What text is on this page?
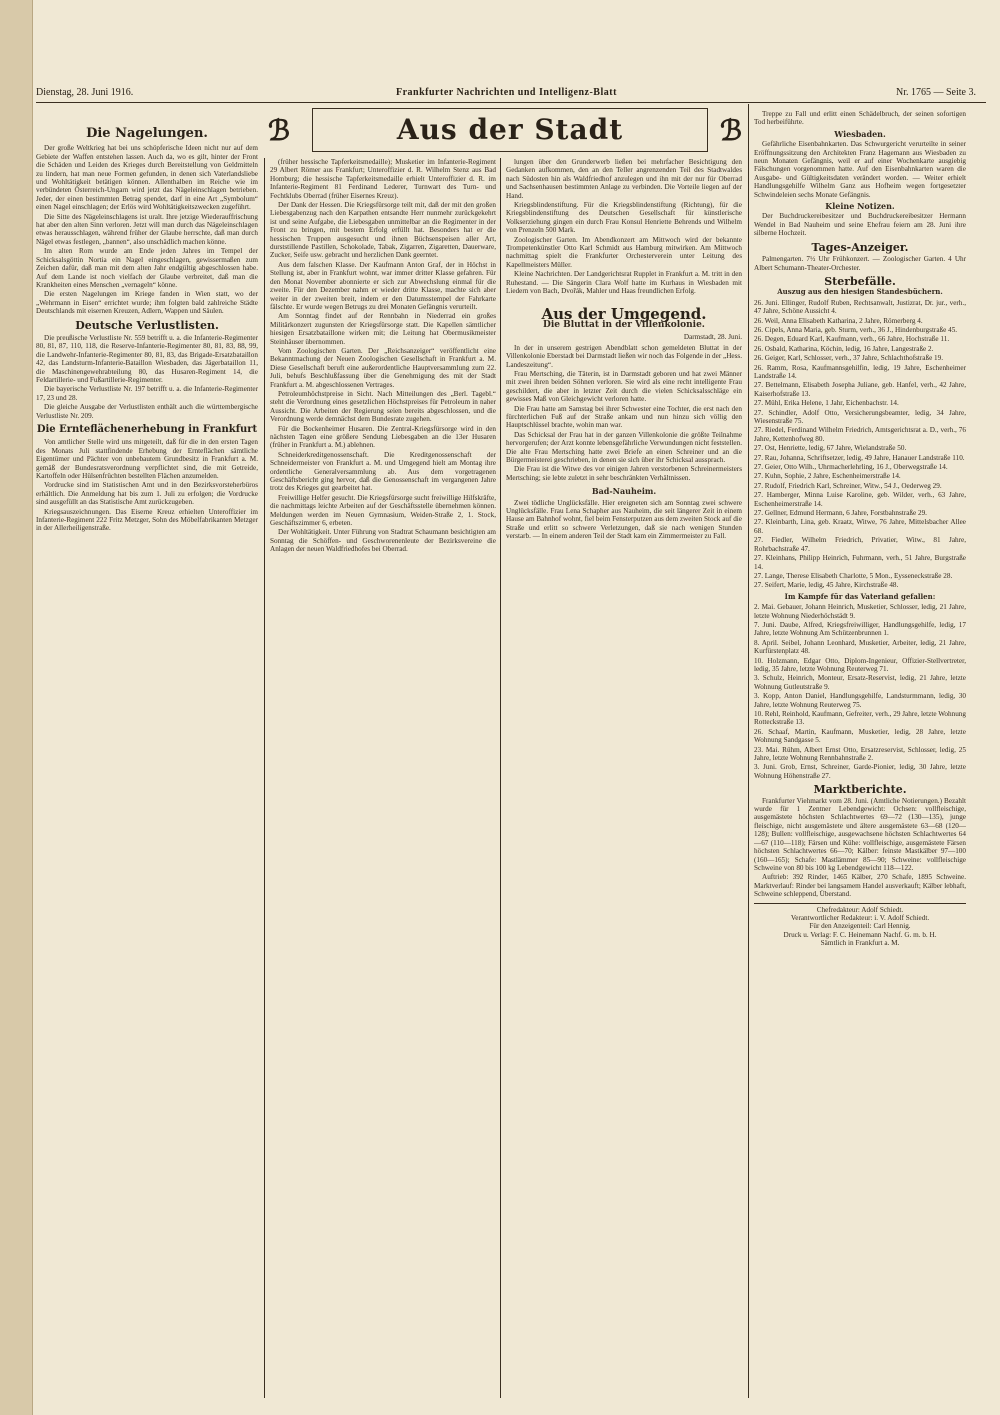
Dienstag, 28. Juni 1916.	Frankfurter Nachrichten und Intelligenz-Blatt	Nr. 1765 — Seite 3.
ℬ	Aus der Stadt	ℬ
Die Nagelungen.

Der große Weltkrieg hat bei uns schöpferische Ideen nicht nur auf dem Gebiete der Waffen entstehen lassen. Auch da, wo es gilt, hinter der Front die Schäden und Leiden des Krieges durch Bereitstellung von Geldmitteln zu lindern, hat man neue Formen gefunden, in denen sich Vaterlandsliebe und Wohltätigkeit betätigen können. Allenthalben im Reiche wie im verbündeten Österreich-Ungarn wird jetzt das Nägeleinschlagen betrieben. Jeder, der einen bestimmten Betrag spendet, darf in eine Art „Symbolum“ einen Nagel einschlagen; der Erlös wird Wohltätigkeitszwecken zugeführt.

Die Sitte des Nägeleinschlagens ist uralt. Ihre jetzige Wiederauffrischung hat aber den alten Sinn verloren. Jetzt will man durch das Nägeleinschlagen etwas herausschlagen, während früher der Glaube herrschte, daß man durch Nägel etwas festlegen, „bannen“, also unschädlich machen könne.

Im alten Rom wurde am Ende jeden Jahres im Tempel der Schicksalsgöttin Nortia ein Nagel eingeschlagen, gewissermaßen zum Zeichen dafür, daß man mit dem alten Jahr endgültig abgeschlossen habe. Auf dem Lande ist noch vielfach der Glaube verbreitet, daß man die Krankheiten eines Menschen „vernageln“ könne.

Die ersten Nagelungen im Kriege fanden in Wien statt, wo der „Wehrmann in Eisen“ errichtet wurde; ihm folgten bald zahlreiche Städte Deutschlands mit eisernen Kreuzen, Adlern, Wappen und Säulen.

Deutsche Verlustlisten.

Die preußische Verlustliste Nr. 559 betrifft u. a. die Infanterie-Regimenter 80, 81, 87, 110, 118, die Reserve-Infanterie-Regimenter 80, 81, 83, 88, 99, die Landwehr-Infanterie-Regimenter 80, 81, 83, das Brigade-Ersatzbataillon 42, das Landsturm-Infanterie-Bataillon Wiesbaden, das Jägerbataillon 11, die Maschinengewehrabteilung 80, das Husaren-Regiment 14, die Feldartillerie- und Fußartillerie-Regimenter.

Die bayerische Verlustliste Nr. 197 betrifft u. a. die Infanterie-Regimenter 17, 23 und 28.

Die gleiche Ausgabe der Verlustlisten enthält auch die württembergische Verlustliste Nr. 209.

Die Ernteflächenerhebung in Frankfurt

Von amtlicher Stelle wird uns mitgeteilt, daß für die in den ersten Tagen des Monats Juli stattfindende Erhebung der Ernteflächen sämtliche Eigentümer und Pächter von unbebautem Grundbesitz in Frankfurt a. M. gemäß der Bundesratsverordnung verpflichtet sind, die mit Getreide, Kartoffeln oder Hülsenfrüchten bestellten Flächen anzumelden.

Vordrucke sind im Statistischen Amt und in den Bezirksvorsteherbüros erhältlich. Die Anmeldung hat bis zum 1. Juli zu erfolgen; die Vordrucke sind ausgefüllt an das Statistische Amt zurückzugeben.

Kriegsauszeichnungen. Das Eiserne Kreuz erhielten Unteroffizier im Infanterie-Regiment 222 Fritz Metzger, Sohn des Möbelfabrikanten Metzger in der Allerheiligenstraße.

(früher hessische Tapferkeitsmedaille); Musketier im Infanterie-Regiment 29 Albert Römer aus Frankfurt; Unteroffizier d. R. Wilhelm Stenz aus Bad Homburg; die hessische Tapferkeitsmedaille erhielt Unteroffizier d. R. im Infanterie-Regiment 81 Ferdinand Lederer, Turnwart des Turn- und Fechtklubs Oberrad (früher Eisernes Kreuz).

Der Dank der Hessen. Die Kriegsfürsorge teilt mit, daß der mit den großen Liebesgabenzug nach den Karpathen entsandte Herr nunmehr zurückgekehrt ist und seine Aufgabe, die Liebesgaben unmittelbar an die Regimenter in der Front zu bringen, mit bestem Erfolg erfüllt hat. Besonders hat er die hessischen Truppen ausgesucht und ihnen Büchsenspeisen aller Art, durststillende Pastillen, Schokolade, Tabak, Zigarren, Zigaretten, Dauerware, Zucker, Seife usw. gebracht und herzlichen Dank geerntet.

Aus dem falschen Klasse. Der Kaufmann Anton Graf, der in Höchst in Stellung ist, aber in Frankfurt wohnt, war immer dritter Klasse gefahren. Für den Monat November abonnierte er sich zur Abwechslung einmal für die zweite. Für den Dezember nahm er wieder dritte Klasse, machte sich aber weiter in der zweiten breit, indem er den Datumsstempel der Fahrkarte fälschte. Er wurde wegen Betrugs zu drei Monaten Gefängnis verurteilt.

Am Sonntag findet auf der Rennbahn in Niederrad ein großes Militärkonzert zugunsten der Kriegsfürsorge statt. Die Kapellen sämtlicher hiesigen Ersatzbataillone wirken mit; die Leitung hat Obermusikmeister Steinhäuser übernommen.

Vom Zoologischen Garten. Der „Reichsanzeiger“ veröffentlicht eine Bekanntmachung der Neuen Zoologischen Gesellschaft in Frankfurt a. M. Diese Gesellschaft beruft eine außerordentliche Hauptversammlung zum 22. Juli, behufs Beschlußfassung über die Genehmigung des mit der Stadt Frankfurt a. M. abgeschlossenen Vertrages.

Petroleumhöchstpreise in Sicht. Nach Mitteilungen des „Berl. Tagebl.“ steht die Verordnung eines gesetzlichen Höchstpreises für Petroleum in naher Aussicht. Die Arbeiten der Regierung seien bereits abgeschlossen, und die Verordnung werde demnächst dem Bundesrate zugehen.

Für die Bockenheimer Husaren. Die Zentral-Kriegsfürsorge wird in den nächsten Tagen eine größere Sendung Liebesgaben an die 13er Husaren (früher in Frankfurt a. M.) ablehnen.

Schneiderkreditgenossenschaft. Die Kreditgenossenschaft der Schneidermeister von Frankfurt a. M. und Umgegend hielt am Montag ihre ordentliche Generalversammlung ab. Aus dem vorgetragenen Geschäftsbericht ging hervor, daß die Genossenschaft im vergangenen Jahre trotz des Krieges gut gearbeitet hat.

Freiwillige Helfer gesucht. Die Kriegsfürsorge sucht freiwillige Hilfskräfte, die nachmittags leichte Arbeiten auf der Geschäftsstelle übernehmen können. Meldungen werden im Neuen Gymnasium, Weiden-Straße 2, 1. Stock, Geschäftszimmer 6, erbeten.

Der Wohltätigkeit. Unter Führung von Stadtrat Schaumann besichtigten am Sonntag die Schöffen- und Geschworenenleute der Bezirksvereine die Anlagen der neuen Waldfriedhofes bei Oberrad.

lungen über den Grunderwerb ließen bei mehrfacher Besichtigung den Gedanken aufkommen, den an den Teller angrenzenden Teil des Stadtwaldes nach Südosten hin als Waldfriedhof anzulegen und ihn mit der nur für Oberrad und Sachsenhausen bestimmten Anlage zu verbinden. Die Vorteile liegen auf der Hand.

Kriegsblindenstiftung. Für die Kriegsblindenstiftung (Richtung), für die Kriegsblindenstiftung des Deutschen Gesellschaft für künstlerische Volkserziehung gingen ein durch Frau Konsul Henriette Behrends und Wilhelm von Prenzeln 500 Mark.

Zoologischer Garten. Im Abendkonzert am Mittwoch wird der bekannte Trompetenkünstler Otto Karl Schmidt aus Hamburg mitwirken. Am Mittwoch nachmittag spielt die Frankfurter Orchesterverein unter Leitung des Kapellmeisters Müller.

Kleine Nachrichten. Der Landgerichtsrat Rupplet in Frankfurt a. M. tritt in den Ruhestand. — Die Sängerin Clara Wolf hatte im Kurhaus in Wiesbaden mit Liedern von Bach, Dvořák, Mahler und Haas freundlichen Erfolg.

Aus der Umgegend.
Die Bluttat in der Villenkolonie.
Darmstadt, 28. Juni.

In der in unserem gestrigen Abendblatt schon gemeldeten Bluttat in der Villenkolonie Eberstadt bei Darmstadt ließen wir noch das Folgende in der „Hess. Landeszeitung“.

Frau Mertsching, die Täterin, ist in Darmstadt geboren und hat zwei Männer mit zwei ihren beiden Söhnen verloren. Sie wird als eine recht intelligente Frau geschildert, die aber in letzter Zeit durch die vielen Schicksalsschläge ein gewisses Maß von Gleichgewicht verloren hatte.

Die Frau hatte am Samstag bei ihrer Schwester eine Tochter, die erst nach den fürchterlichen Fuß auf der Straße ankam und nun hinzu sich völlig den Hauptschlüssel brachte, wohin man war.

Das Schicksal der Frau hat in der ganzen Villenkolonie die größte Teilnahme hervorgerufen; der Arzt konnte lebensgefährliche Verwundungen nicht feststellen. Die alte Frau Mertsching hatte zwei Briefe an einen Schreiner und an die Bürgermeisterei geschrieben, in denen sie sich über ihr Schicksal aussprach.

Die Frau ist die Witwe des vor einigen Jahren verstorbenen Schreinermeisters Mertsching; sie lebte zuletzt in sehr beschränkten Verhältnissen.

Bad-Nauheim.

Zwei tödliche Unglücksfälle. Hier ereigneten sich am Sonntag zwei schwere Unglücksfälle. Frau Lena Schapher aus Nauheim, die seit längerer Zeit in einem Hause am Bahnhof wohnt, fiel beim Fensterputzen aus dem zweiten Stock auf die Straße und erlitt so schwere Verletzungen, daß sie nach wenigen Stunden verstarb. — In einem anderen Teil der Stadt kam ein Zimmermeister zu Fall.

Treppe zu Fall und erlitt einen Schädelbruch, der seinen sofortigen Tod herbeiführte.

Wiesbaden.

Gefährliche Eisenbahnkarten. Das Schwurgericht verurteilte in seiner Eröffnungssitzung den Architekten Franz Hagemann aus Wiesbaden zu neun Monaten Gefängnis, weil er auf einer Wochenkarte ausgiebig Fälschungen vorgenommen hatte. Auf den Eisenbahnkarten waren die Ausgabe- und Gültigkeitsdaten verändert worden. — Weiter erhielt Handlungsgehilfe Wilhelm Ganz aus Hofheim wegen fortgesetzter Schwindeleien sechs Monate Gefängnis.

Kleine Notizen.

Der Buchdruckereibesitzer und Buchdruckereibesitzer Hermann Wendel in Bad Nauheim und seine Ehefrau feiern am 28. Juni ihre silberne Hochzeit.

Tages-Anzeiger.

Palmengarten. 7½ Uhr Frühkonzert. — Zoologischer Garten. 4 Uhr Albert Schumann-Theater-Orchester.

Sterbefälle.
Auszug aus den hiesigen Standesbüchern.

26. Juni. Ellinger, Rudolf Ruben, Rechtsanwalt, Justizrat, Dr. jur., verh., 47 Jahre, Schöne Aussicht 4.

26. Weil, Anna Elisabeth Katharina, 2 Jahre, Römerberg 4.

26. Cipels, Anna Maria, geb. Sturm, verh., 36 J., Hindenburgstraße 45.

26. Degen, Eduard Karl, Kaufmann, verh., 66 Jahre, Hochstraße 11.

26. Osbald, Katharina, Köchin, ledig, 16 Jahre, Langestraße 2.

26. Geiger, Karl, Schlosser, verh., 37 Jahre, Schlachthofstraße 19.

26. Ramm, Rosa, Kaufmannsgehilfin, ledig, 19 Jahre, Eschenheimer Landstraße 14.

27. Bettelmann, Elisabeth Josepha Juliane, geb. Hanfel, verh., 42 Jahre, Kaiserhofstraße 13.

27. Mühl, Erika Helene, 1 Jahr, Eichenbachstr. 14.

27. Schindler, Adolf Otto, Versicherungsbeamter, ledig, 34 Jahre, Wiesenstraße 75.

27. Riedel, Ferdinand Wilhelm Friedrich, Amtsgerichtsrat a. D., verh., 76 Jahre, Kettenhofweg 80.

27. Ost, Henriette, ledig, 67 Jahre, Wielandstraße 50.

27. Rau, Johanna, Schriftsetzer, ledig, 49 Jahre, Hanauer Landstraße 110.

27. Geier, Otto Wilh., Uhrmacherlehrling, 16 J., Oberwegstraße 14.

27. Kuhn, Sophie, 2 Jahre, Eschenheimerstraße 14.

27. Rudolf, Friedrich Karl, Schreiner, Witw., 54 J., Oederweg 29.

27. Hamberger, Minna Luise Karoline, geb. Wilder, verh., 63 Jahre, Eschenheimerstraße 14.

27. Gellner, Edmund Hermann, 6 Jahre, Forstbahnstraße 29.

27. Kleinbarth, Lina, geb. Kraatz, Witwe, 76 Jahre, Mittelsbacher Allee 68.

27. Fiedler, Wilhelm Friedrich, Privatier, Witw., 81 Jahre, Rohrbachstraße 47.

27. Kleinhans, Philipp Heinrich, Fuhrmann, verh., 51 Jahre, Burgstraße 14.

27. Lange, Therese Elisabeth Charlotte, 5 Mon., Eysseneckstraße 28.

27. Seifert, Marie, ledig, 45 Jahre, Kirchstraße 48.

Im Kampfe für das Vaterland gefallen:

2. Mai. Gebauer, Johann Heinrich, Musketier, Schlosser, ledig, 21 Jahre, letzte Wohnung Niederhöchstädt 9.

7. Juni. Daube, Alfred, Kriegsfreiwilliger, Handlungsgehilfe, ledig, 17 Jahre, letzte Wohnung Am Schützenbrunnen 1.

8. April. Seibel, Johann Leonhard, Musketier, Arbeiter, ledig, 21 Jahre, Kurfürstenplatz 48.

10. Holzmann, Edgar Otto, Diplom-Ingenieur, Offizier-Stellvertreter, ledig, 35 Jahre, letzte Wohnung Reuterweg 71.

3. Schulz, Heinrich, Monteur, Ersatz-Reservist, ledig, 21 Jahre, letzte Wohnung Gutleutstraße 9.

3. Kopp, Anton Daniel, Handlungsgehilfe, Landsturmmann, ledig, 30 Jahre, letzte Wohnung Reuterweg 75.

10. Rehl, Reinhold, Kaufmann, Gefreiter, verh., 29 Jahre, letzte Wohnung Rotteckstraße 13.

26. Schaaf, Martin, Kaufmann, Musketier, ledig, 28 Jahre, letzte Wohnung Sandgasse 5.

23. Mai. Rühm, Albert Ernst Otto, Ersatzreservist, Schlosser, ledig, 25 Jahre, letzte Wohnung Rennbahnstraße 2.

3. Juni. Grob, Ernst, Schreiner, Garde-Pionier, ledig, 30 Jahre, letzte Wohnung Höhenstraße 27.

Marktberichte.

Frankfurter Viehmarkt vom 28. Juni. (Amtliche Notierungen.) Bezahlt wurde für 1 Zentner Lebendgewicht: Ochsen: vollfleischige, ausgemästete höchsten Schlachtwertes 69—72 (130—135), junge fleischige, nicht ausgemästete und ältere ausgemästete 63—68 (120—128); Bullen: vollfleischige, ausgewachsene höchsten Schlachtwertes 64—67 (110—118); Färsen und Kühe: vollfleischige, ausgemästete Färsen höchsten Schlachtwertes 66—70; Kälber: feinste Mastkälber 97—100 (160—165); Schafe: Mastlämmer 85—90; Schweine: vollfleischige Schweine von 80 bis 100 kg Lebendgewicht 118—122.

Auftrieb: 392 Rinder, 1465 Kälber, 270 Schafe, 1895 Schweine. Marktverlauf: Rinder bei langsamem Handel ausverkauft; Kälber lebhaft, Schweine schleppend, Überstand.

Chefredakteur: Adolf Schiedt.
Verantwortlicher Redakteur: i. V. Adolf Schiedt.
Für den Anzeigenteil: Carl Hennig.
Druck u. Verlag: F. C. Heinemann Nachf. G. m. b. H.
Sämtlich in Frankfurt a. M.
